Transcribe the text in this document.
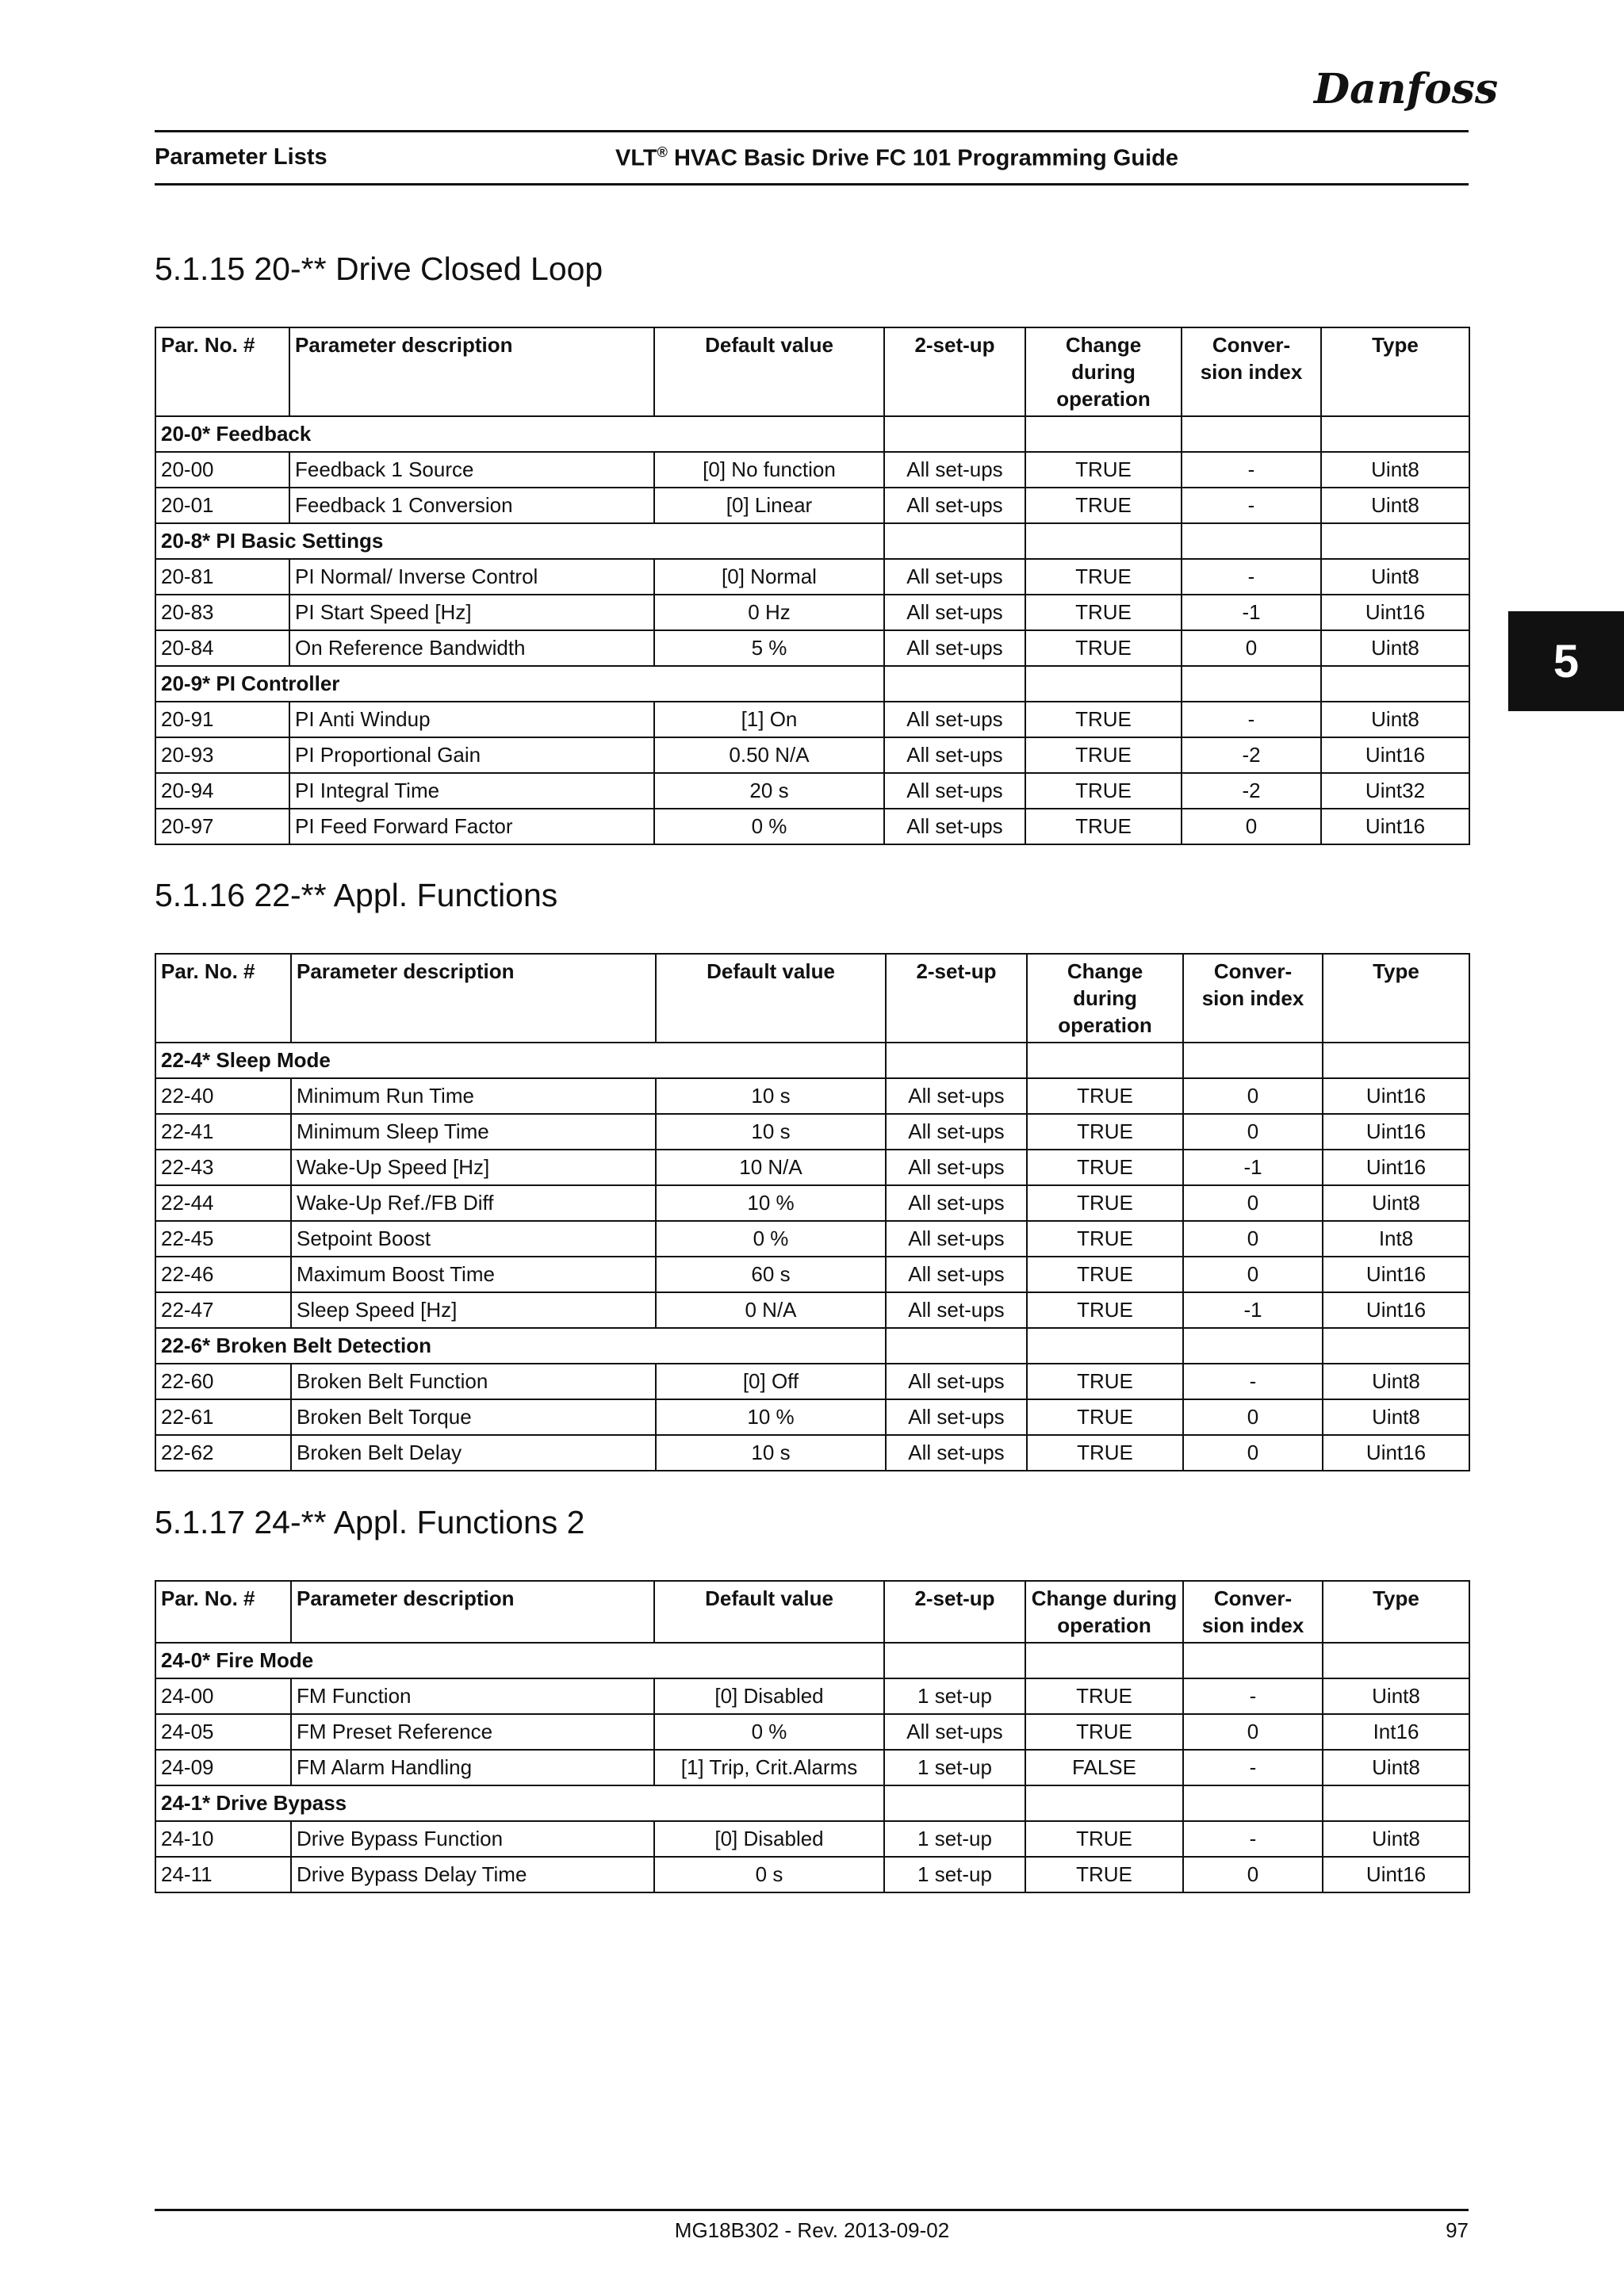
Danfoss
Parameter Lists	VLT® HVAC Basic Drive FC 101 Programming Guide
5
5.1.15 20-** Drive Closed Loop
Par. No. #	Parameter description	Default value	2-set-up	Change
during
operation	Conver-
sion index	Type
20-0* Feedback						
20-00	Feedback 1 Source	[0] No function	All set-ups	TRUE	-	Uint8
20-01	Feedback 1 Conversion	[0] Linear	All set-ups	TRUE	-	Uint8
20-8* PI Basic Settings						
20-81	PI Normal/ Inverse Control	[0] Normal	All set-ups	TRUE	-	Uint8
20-83	PI Start Speed [Hz]	0 Hz	All set-ups	TRUE	-1	Uint16
20-84	On Reference Bandwidth	5 %	All set-ups	TRUE	0	Uint8
20-9* PI Controller						
20-91	PI Anti Windup	[1] On	All set-ups	TRUE	-	Uint8
20-93	PI Proportional Gain	0.50 N/A	All set-ups	TRUE	-2	Uint16
20-94	PI Integral Time	20 s	All set-ups	TRUE	-2	Uint32
20-97	PI Feed Forward Factor	0 %	All set-ups	TRUE	0	Uint16
5.1.16 22-** Appl. Functions
Par. No. #	Parameter description	Default value	2-set-up	Change
during
operation	Conver-
sion index	Type
22-4* Sleep Mode						
22-40	Minimum Run Time	10 s	All set-ups	TRUE	0	Uint16
22-41	Minimum Sleep Time	10 s	All set-ups	TRUE	0	Uint16
22-43	Wake-Up Speed [Hz]	10 N/A	All set-ups	TRUE	-1	Uint16
22-44	Wake-Up Ref./FB Diff	10 %	All set-ups	TRUE	0	Uint8
22-45	Setpoint Boost	0 %	All set-ups	TRUE	0	Int8
22-46	Maximum Boost Time	60 s	All set-ups	TRUE	0	Uint16
22-47	Sleep Speed [Hz]	0 N/A	All set-ups	TRUE	-1	Uint16
22-6* Broken Belt Detection						
22-60	Broken Belt Function	[0] Off	All set-ups	TRUE	-	Uint8
22-61	Broken Belt Torque	10 %	All set-ups	TRUE	0	Uint8
22-62	Broken Belt Delay	10 s	All set-ups	TRUE	0	Uint16
5.1.17 24-** Appl. Functions 2
Par. No. #	Parameter description	Default value	2-set-up	Change during
operation	Conver-
sion index	Type
24-0* Fire Mode						
24-00	FM Function	[0] Disabled	1 set-up	TRUE	-	Uint8
24-05	FM Preset Reference	0 %	All set-ups	TRUE	0	Int16
24-09	FM Alarm Handling	[1] Trip, Crit.Alarms	1 set-up	FALSE	-	Uint8
24-1* Drive Bypass						
24-10	Drive Bypass Function	[0] Disabled	1 set-up	TRUE	-	Uint8
24-11	Drive Bypass Delay Time	0 s	1 set-up	TRUE	0	Uint16
MG18B302 - Rev. 2013-09-02	97
